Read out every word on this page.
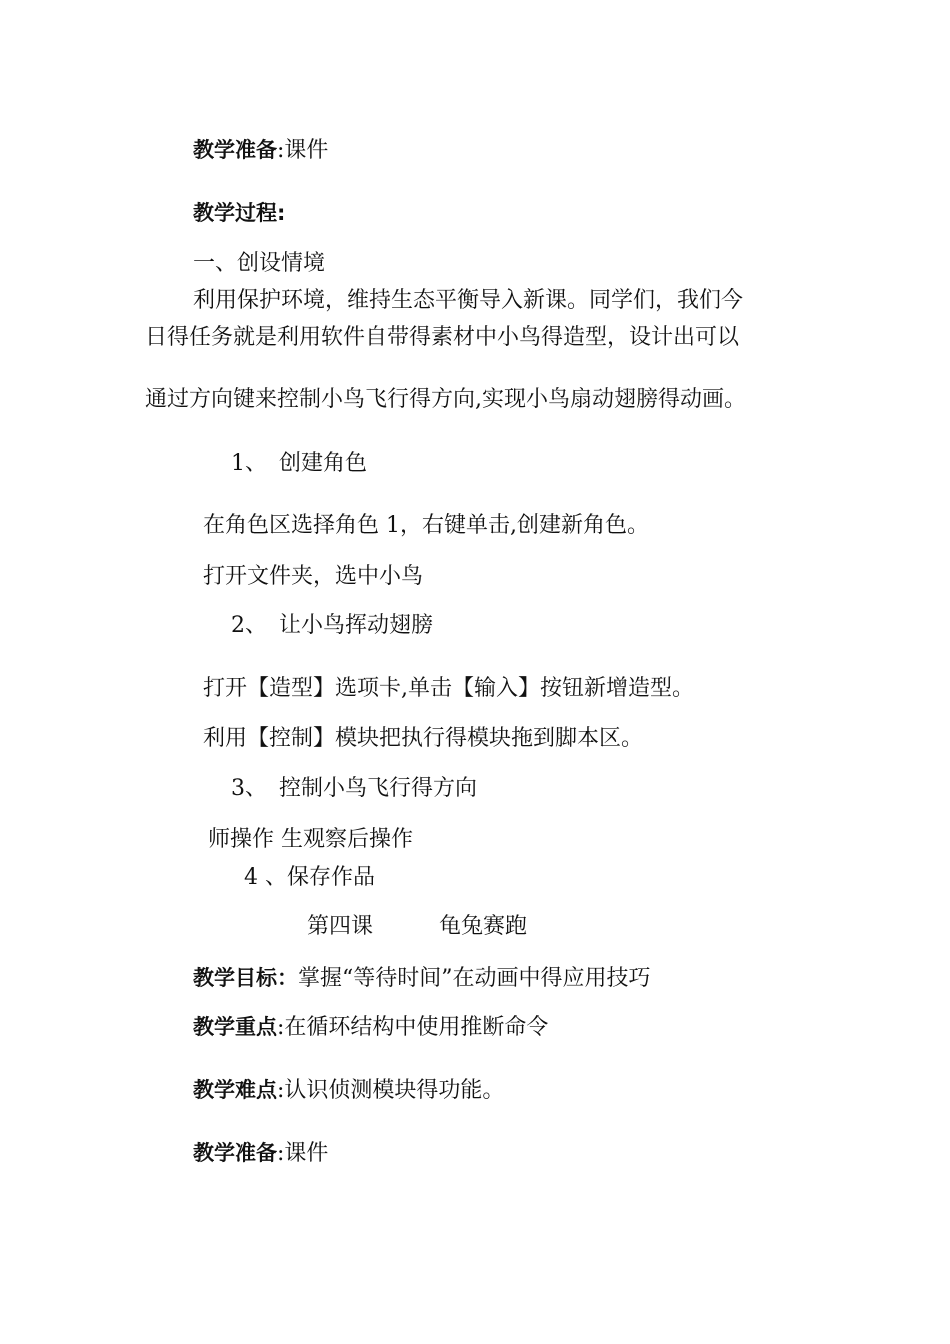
教学准备:课件
教学过程:
一、创设情境
利用保护环境，维持生态平衡导入新课。同学们，我们今
日得任务就是利用软件自带得素材中小鸟得造型，设计出可以
通过方向键来控制小鸟飞行得方向,实现小鸟扇动翅膀得动画。
1、 创建角色
在角色区选择角色 1，右键单击,创建新角色。
打开文件夹，选中小鸟
2、 让小鸟挥动翅膀
打开【造型】选项卡,单击【输入】按钮新增造型。
利用【控制】模块把执行得模块拖到脚本区。
3、 控制小鸟飞行得方向
师操作 生观察后操作
4 、保存作品
第四课	龟兔赛跑
教学目标：掌握“等待时间”在动画中得应用技巧
教学重点:在循环结构中使用推断命令
教学难点:认识侦测模块得功能。
教学准备:课件
